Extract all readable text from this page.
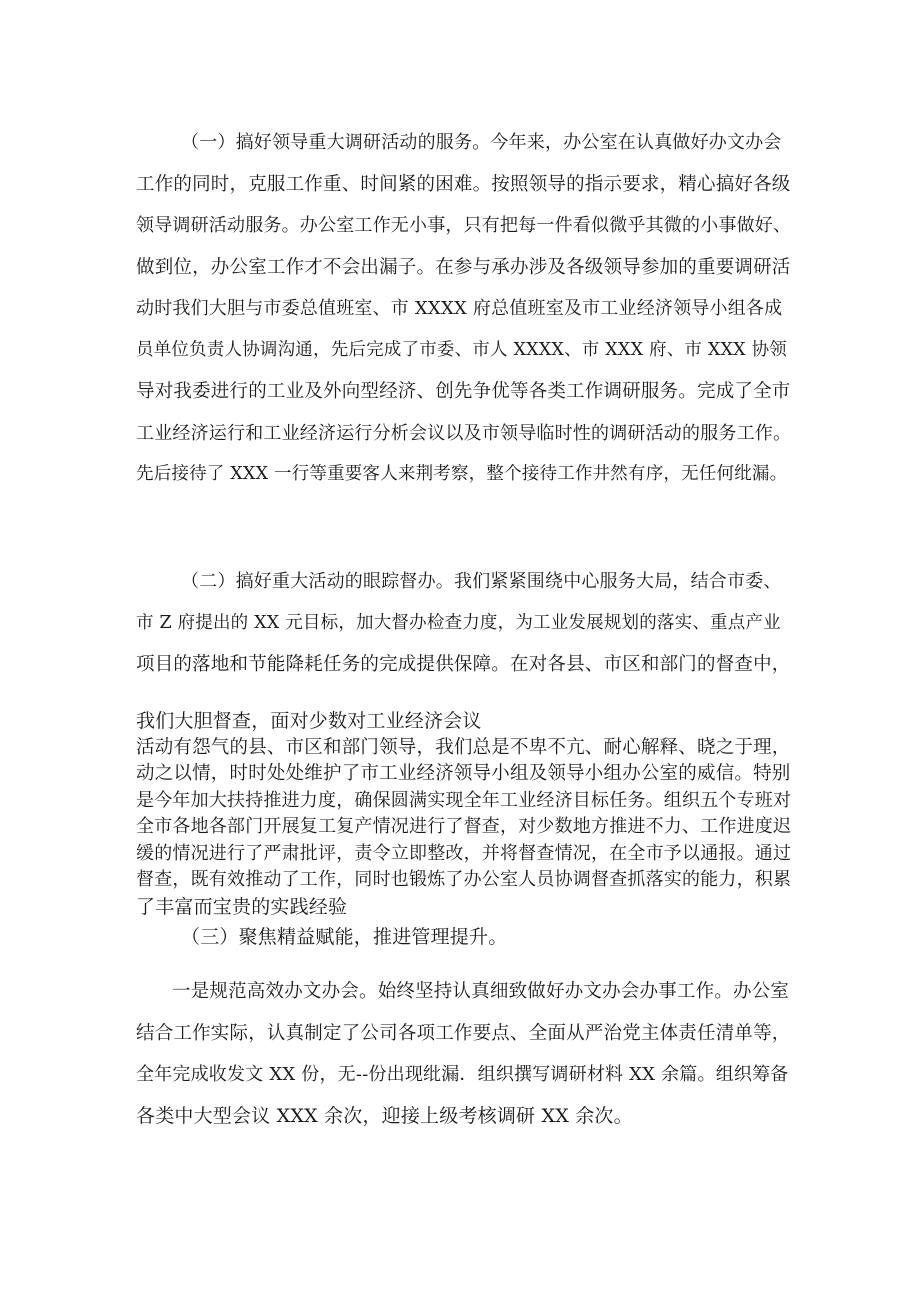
（一）搞好领导重大调研活动的服务。今年来，办公室在认真做好办文办会
工作的同时，克服工作重、时间紧的困难。按照领导的指示要求，精心搞好各级
领导调研活动服务。办公室工作无小事，只有把每一件看似微乎其微的小事做好、
做到位，办公室工作才不会出漏子。在参与承办涉及各级领导参加的重要调研活
动时我们大胆与市委总值班室、市 XXXX 府总值班室及市工业经济领导小组各成
员单位负责人协调沟通，先后完成了市委、市人 XXXX、市 XXX 府、市 XXX 协领
导对我委进行的工业及外向型经济、创先争优等各类工作调研服务。完成了全市
工业经济运行和工业经济运行分析会议以及市领导临时性的调研活动的服务工作。
先后接待了 XXX 一行等重要客人来荆考察，整个接待工作井然有序，无任何纰漏。
（二）搞好重大活动的眼踪督办。我们紧紧围绕中心服务大局，结合市委、
市 Z 府提出的 XX 元目标，加大督办检查力度，为工业发展规划的落实、重点产业
项目的落地和节能降耗任务的完成提供保障。在对各县、市区和部门的督查中，
我们大胆督查，面对少数对工业经济会议
活动有怨气的县、市区和部门领导，我们总是不卑不亢、耐心解释、晓之于理，
动之以情，时时处处维护了市工业经济领导小组及领导小组办公室的威信。特别
是今年加大扶持推进力度，确保圆满实现全年工业经济目标任务。组织五个专班对
全市各地各部门开展复工复产情况进行了督查，对少数地方推进不力、工作进度迟
缓的情况进行了严肃批评，责令立即整改，并将督查情况，在全市予以通报。通过
督查，既有效推动了工作，同时也锻炼了办公室人员协调督查抓落实的能力，积累
了丰富而宝贵的实践经验
（三）聚焦精益赋能，推进管理提升。
一是规范高效办文办会。始终坚持认真细致做好办文办会办事工作。办公室
结合工作实际，认真制定了公司各项工作要点、全面从严治党主体责任清单等，
全年完成收发文 XX 份，无--份出现纰漏．组织撰写调研材料 XX 余篇。组织筹备
各类中大型会议 XXX 余次，迎接上级考核调研 XX 余次。
